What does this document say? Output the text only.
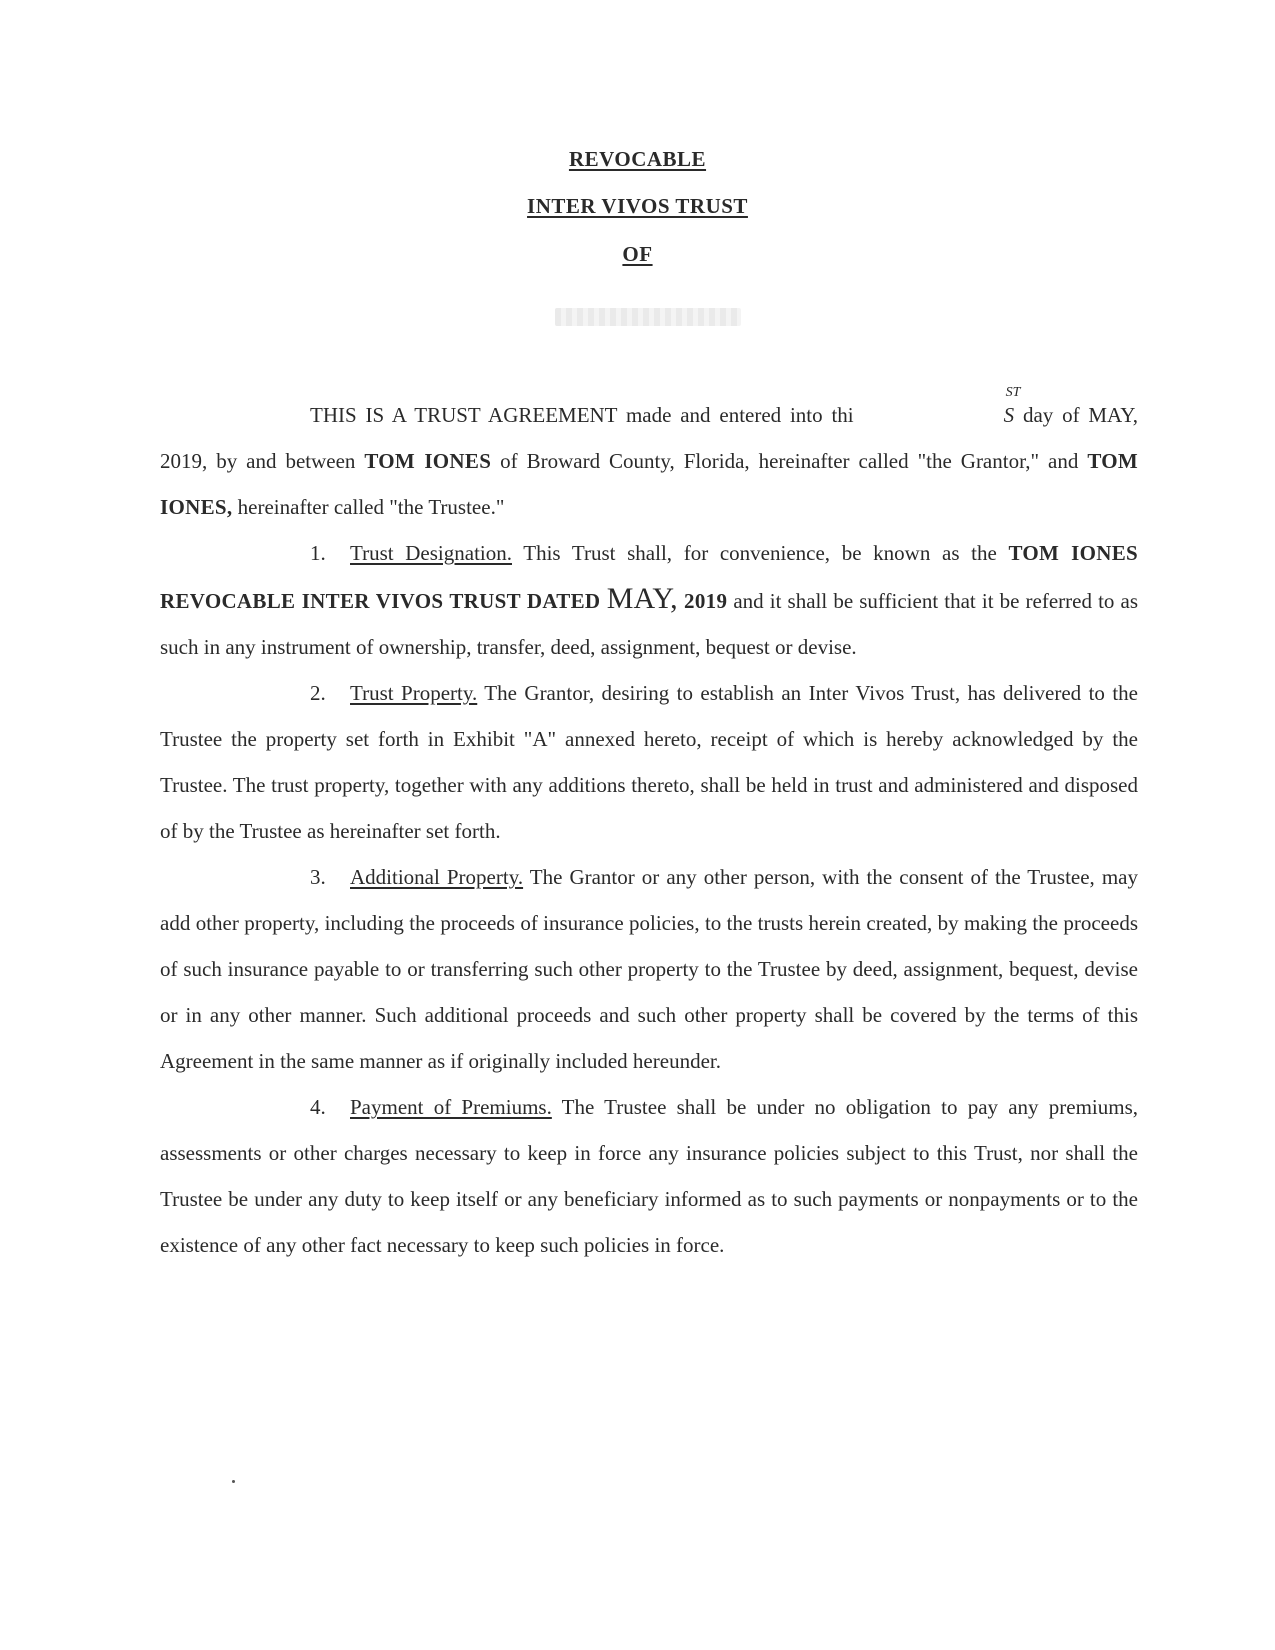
REVOCABLE
INTER VIVOS TRUST
OF

THIS IS A TRUST AGREEMENT made and entered into thi
ST
S day of MAY, 2019, by and between TOM IONES of Broward County, Florida, hereinafter called "the Grantor," and TOM IONES, hereinafter called "the Trustee."

1. Trust Designation. This Trust shall, for convenience, be known as the TOM IONES REVOCABLE INTER VIVOS TRUST DATED MAY, 2019 and it shall be sufficient that it be referred to as such in any instrument of ownership, transfer, deed, assignment, bequest or devise.

2. Trust Property. The Grantor, desiring to establish an Inter Vivos Trust, has delivered to the Trustee the property set forth in Exhibit "A" annexed hereto, receipt of which is hereby acknowledged by the Trustee. The trust property, together with any additions thereto, shall be held in trust and administered and disposed of by the Trustee as hereinafter set forth.

3. Additional Property. The Grantor or any other person, with the consent of the Trustee, may add other property, including the proceeds of insurance policies, to the trusts herein created, by making the proceeds of such insurance payable to or transferring such other property to the Trustee by deed, assignment, bequest, devise or in any other manner. Such additional proceeds and such other property shall be covered by the terms of this Agreement in the same manner as if originally included hereunder.

4. Payment of Premiums. The Trustee shall be under no obligation to pay any premiums, assessments or other charges necessary to keep in force any insurance policies subject to this Trust, nor shall the Trustee be under any duty to keep itself or any beneficiary informed as to such payments or nonpayments or to the existence of any other fact necessary to keep such policies in force.
